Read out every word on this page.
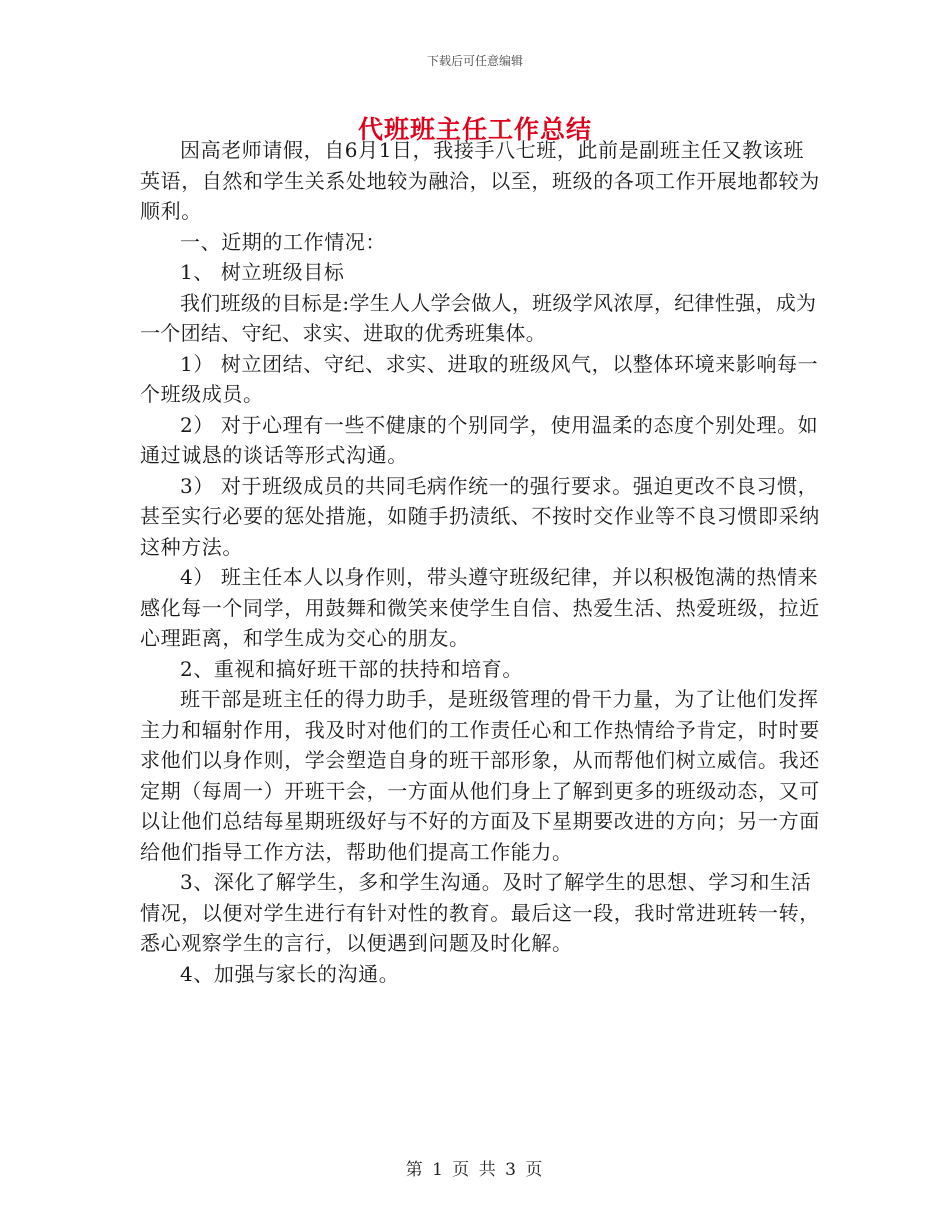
下载后可任意编辑
代班班主任工作总结

因高老师请假，自6月1日，我接手八七班，此前是副班主任又教该班英语，自然和学生关系处地较为融洽，以至，班级的各项工作开展地都较为顺利。

一、近期的工作情况：

1、 树立班级目标

我们班级的目标是:学生人人学会做人，班级学风浓厚，纪律性强，成为一个团结、守纪、求实、进取的优秀班集体。

1） 树立团结、守纪、求实、进取的班级风气，以整体环境来影响每一个班级成员。

2） 对于心理有一些不健康的个别同学，使用温柔的态度个别处理。如通过诚恳的谈话等形式沟通。

3） 对于班级成员的共同毛病作统一的强行要求。强迫更改不良习惯，甚至实行必要的惩处措施，如随手扔渍纸、不按时交作业等不良习惯即采纳这种方法。

4） 班主任本人以身作则，带头遵守班级纪律，并以积极饱满的热情来感化每一个同学，用鼓舞和微笑来使学生自信、热爱生活、热爱班级，拉近心理距离，和学生成为交心的朋友。

2、重视和搞好班干部的扶持和培育。

班干部是班主任的得力助手，是班级管理的骨干力量，为了让他们发挥主力和辐射作用，我及时对他们的工作责任心和工作热情给予肯定，时时要求他们以身作则，学会塑造自身的班干部形象，从而帮他们树立威信。我还定期（每周一）开班干会，一方面从他们身上了解到更多的班级动态，又可以让他们总结每星期班级好与不好的方面及下星期要改进的方向；另一方面给他们指导工作方法，帮助他们提高工作能力。

3、深化了解学生，多和学生沟通。及时了解学生的思想、学习和生活情况，以便对学生进行有针对性的教育。最后这一段，我时常进班转一转，悉心观察学生的言行，以便遇到问题及时化解。

4、加强与家长的沟通。

第 1 页 共 3 页
